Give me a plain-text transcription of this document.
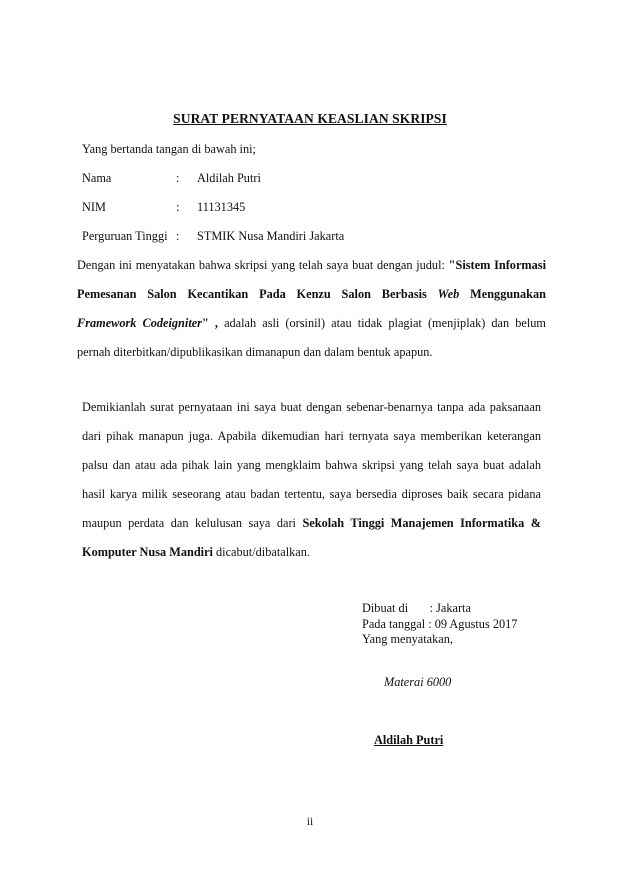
SURAT PERNYATAAN KEASLIAN SKRIPSI
Yang bertanda tangan di bawah ini;
Nama	: Aldilah Putri
NIM	: 11131345
Perguruan Tinggi : STMIK Nusa Mandiri Jakarta
Dengan ini menyatakan bahwa skripsi yang telah saya buat dengan judul: "Sistem Informasi
Pemesanan Salon Kecantikan Pada Kenzu Salon Berbasis Web Menggunakan
Framework Codeigniter" , adalah asli (orsinil) atau tidak plagiat (menjiplak) dan belum
pernah diterbitkan/dipublikasikan dimanapun dan dalam bentuk apapun.
Demikianlah surat pernyataan ini saya buat dengan sebenar-benarnya tanpa ada paksanaan
dari pihak manapun juga. Apabila dikemudian hari ternyata saya memberikan keterangan
palsu dan atau ada pihak lain yang mengklaim bahwa skripsi yang telah saya buat adalah
hasil karya milik seseorang atau badan tertentu, saya bersedia diproses baik secara pidana
maupun perdata dan kelulusan saya dari Sekolah Tinggi Manajemen Informatika &
Komputer Nusa Mandiri dicabut/dibatalkan.
Dibuat di       : Jakarta
Pada tanggal : 09 Agustus 2017
Yang menyatakan,
Materai 6000
Aldilah Putri
ii
